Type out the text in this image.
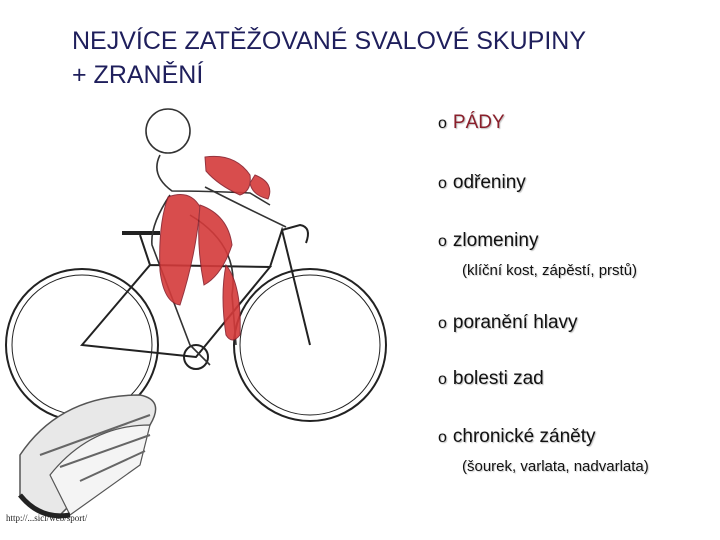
NEJVÍCE ZATĚŽOVANÉ SVALOVÉ SKUPINY
+ ZRANĚNÍ
o PÁDY
o odřeniny
o zlomeniny
(klíční kost, zápěstí, prstů)
o poranění hlavy
o bolesti zad
o chronické záněty
(šourek, varlata, nadvarlata)
http://...sicl/web/sport/
